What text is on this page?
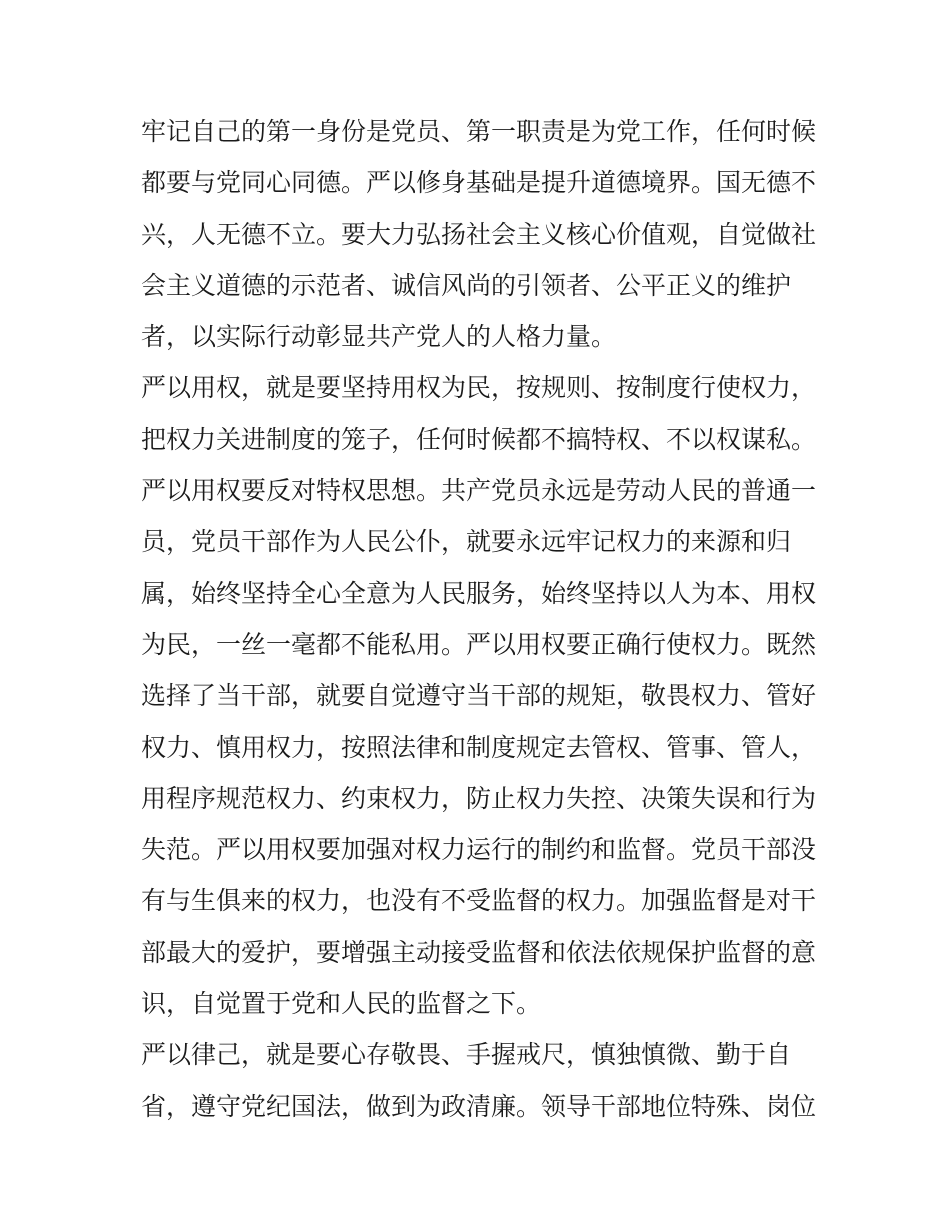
牢记自己的第一身份是党员、第一职责是为党工作，任何时候
都要与党同心同德。严以修身基础是提升道德境界。国无德不
兴，人无德不立。要大力弘扬社会主义核心价值观，自觉做社
会主义道德的示范者、诚信风尚的引领者、公平正义的维护
者，以实际行动彰显共产党人的人格力量。
严以用权，就是要坚持用权为民，按规则、按制度行使权力，
把权力关进制度的笼子，任何时候都不搞特权、不以权谋私。
严以用权要反对特权思想。共产党员永远是劳动人民的普通一
员，党员干部作为人民公仆，就要永远牢记权力的来源和归
属，始终坚持全心全意为人民服务，始终坚持以人为本、用权
为民，一丝一毫都不能私用。严以用权要正确行使权力。既然
选择了当干部，就要自觉遵守当干部的规矩，敬畏权力、管好
权力、慎用权力，按照法律和制度规定去管权、管事、管人，
用程序规范权力、约束权力，防止权力失控、决策失误和行为
失范。严以用权要加强对权力运行的制约和监督。党员干部没
有与生俱来的权力，也没有不受监督的权力。加强监督是对干
部最大的爱护，要增强主动接受监督和依法依规保护监督的意
识，自觉置于党和人民的监督之下。
严以律己，就是要心存敬畏、手握戒尺，慎独慎微、勤于自
省，遵守党纪国法，做到为政清廉。领导干部地位特殊、岗位
